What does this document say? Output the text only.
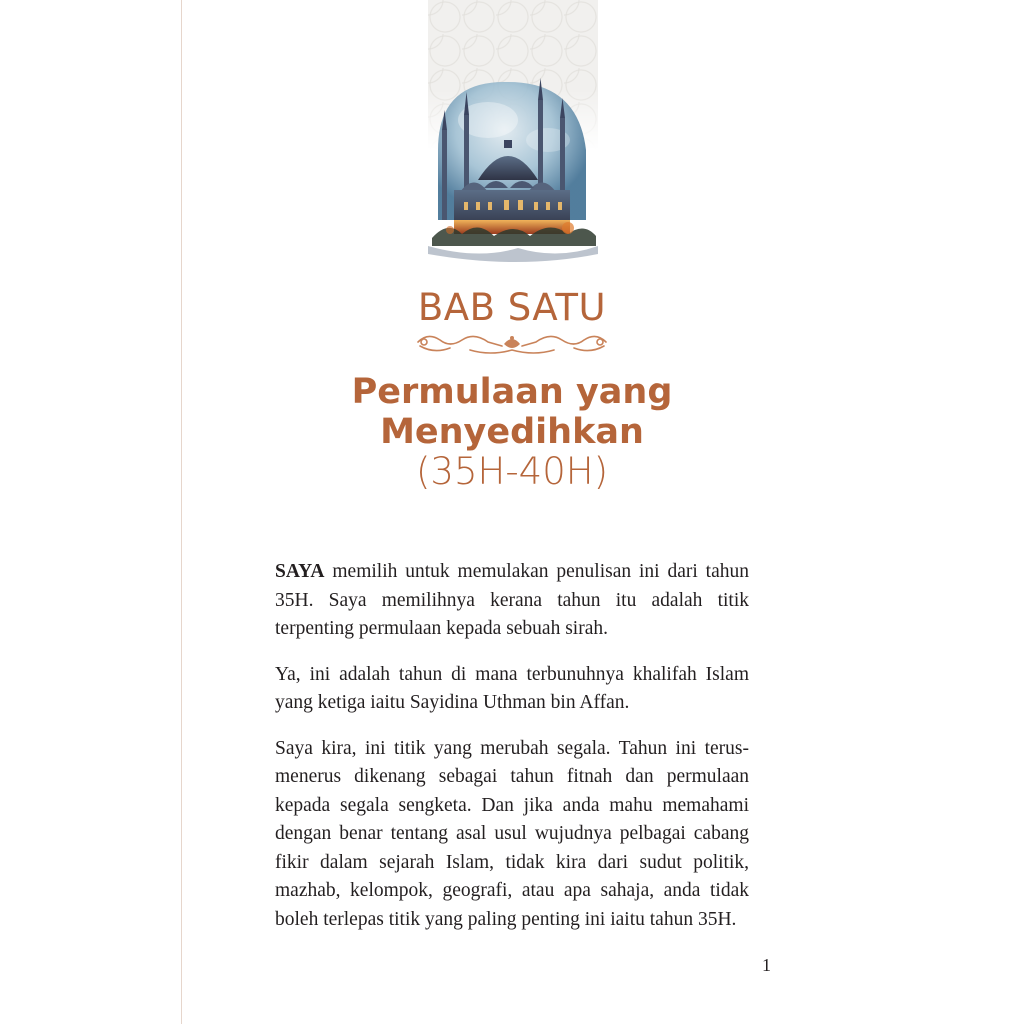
BAB SATU
Permulaan yang
Menyedihkan
(35H-40H)

SAYA memilih untuk memulakan penulisan ini dari tahun 35H. Saya memilihnya kerana tahun itu adalah titik terpenting permulaan kepada sebuah sirah.

Ya, ini adalah tahun di mana terbunuhnya khalifah Islam yang ketiga iaitu Sayidina Uthman bin Affan.

Saya kira, ini titik yang merubah segala. Tahun ini terus-menerus dikenang sebagai tahun fitnah dan permulaan kepada segala sengketa. Dan jika anda mahu memahami dengan benar tentang asal usul wujudnya pelbagai cabang fikir dalam sejarah Islam, tidak kira dari sudut politik, mazhab, kelompok, geografi, atau apa sahaja, anda tidak boleh terlepas titik yang paling penting ini iaitu tahun 35H.

1
